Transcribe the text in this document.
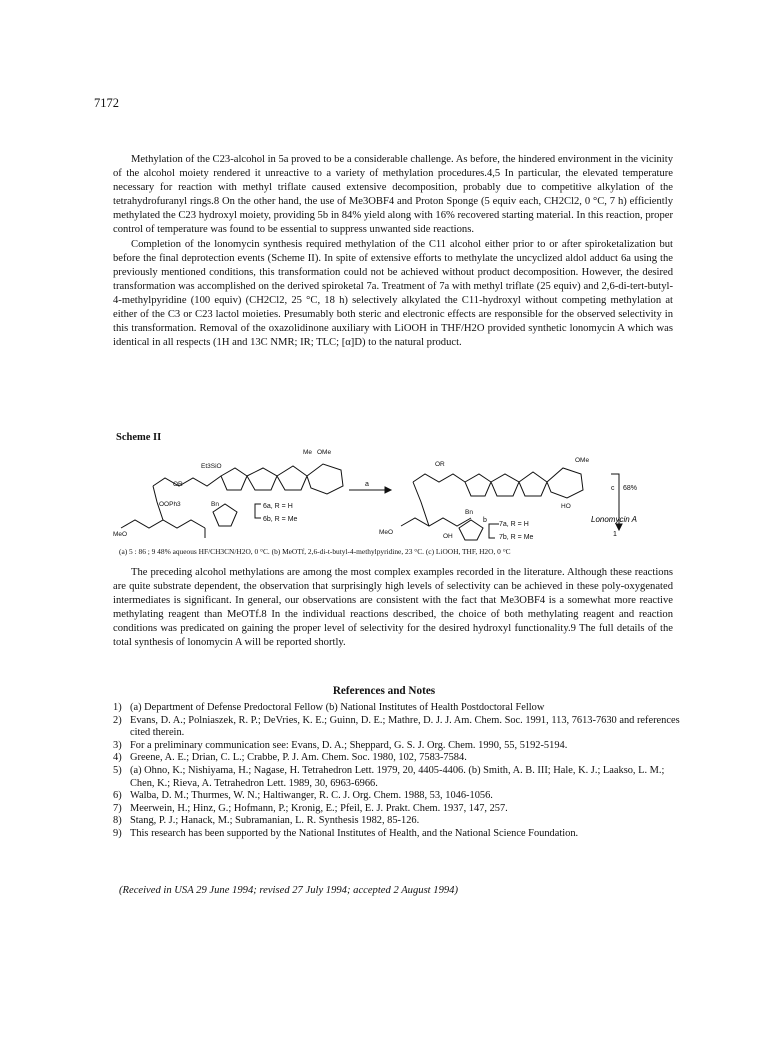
7172

Methylation of the C23-alcohol in 5a proved to be a considerable challenge. As before, the hindered environment in the vicinity of the alcohol moiety rendered it unreactive to a variety of methylation procedures.4,5 In particular, the elevated temperature necessary for reaction with methyl triflate caused extensive decomposition, probably due to competitive alkylation of the tetrahydrofuranyl rings.8 On the other hand, the use of Me3OBF4 and Proton Sponge (5 equiv each, CH2Cl2, 0 °C, 7 h) efficiently methylated the C23 hydroxyl moiety, providing 5b in 84% yield along with 16% recovered starting material. In this reaction, proper control of temperature was found to be essential to suppress unwanted side reactions.

Completion of the lonomycin synthesis required methylation of the C11 alcohol either prior to or after spiroketalization but before the final deprotection events (Scheme II). In spite of extensive efforts to methylate the uncyclized aldol adduct 6a using the previously mentioned conditions, this transformation could not be achieved without product decomposition. However, the desired transformation was accomplished on the derived spiroketal 7a. Treatment of 7a with methyl triflate (25 equiv) and 2,6-di-tert-butyl-4-methylpyridine (100 equiv) (CH2Cl2, 25 °C, 18 h) selectively alkylated the C11-hydroxyl without competing methylation at either of the C3 or C23 lactol moieties. Presumably both steric and electronic effects are responsible for the observed selectivity in this transformation. Removal of the oxazolidinone auxiliary with LiOOH in THF/H2O provided synthetic lonomycin A which was identical in all respects (1H and 13C NMR; IR; TLC; [α]D) to the natural product.

Scheme II
Et3SiO
OR
OOPh3
MeO
Bn
OMe
Me
OR
OMe
HO
OH
MeO
Bn
6a, R = H
6b, R = Me
a
b
7a, R = H
7b, R = Me
c 68%
Lonomycin A
1
(a) 5 : 86 ; 9 48% aqueous HF/CH3CN/H2O, 0 °C. (b) MeOTf, 2,6-di-t-butyl-4-methylpyridine, 23 °C. (c) LiOOH, THF, H2O, 0 °C

The preceding alcohol methylations are among the most complex examples recorded in the literature. Although these reactions are quite substrate dependent, the observation that surprisingly high levels of selectivity can be achieved in these poly-oxygenated intermediates is significant. In general, our observations are consistent with the fact that Me3OBF4 is a somewhat more reactive methylating reagent than MeOTf.8 In the individual reactions described, the choice of both methylating reagent and reaction conditions was predicated on gaining the proper level of selectivity for the desired hydroxyl functionality.9 The full details of the total synthesis of lonomycin A will be reported shortly.

References and Notes
1) (a) Department of Defense Predoctoral Fellow (b) National Institutes of Health Postdoctoral Fellow
2) Evans, D. A.; Polniaszek, R. P.; DeVries, K. E.; Guinn, D. E.; Mathre, D. J. J. Am. Chem. Soc. 1991, 113, 7613-7630 and references cited therein.
3) For a preliminary communication see: Evans, D. A.; Sheppard, G. S. J. Org. Chem. 1990, 55, 5192-5194.
4) Greene, A. E.; Drian, C. L.; Crabbe, P. J. Am. Chem. Soc. 1980, 102, 7583-7584.
5) (a) Ohno, K.; Nishiyama, H.; Nagase, H. Tetrahedron Lett. 1979, 20, 4405-4406. (b) Smith, A. B. III; Hale, K. J.; Laakso, L. M.; Chen, K.; Rieva, A. Tetrahedron Lett. 1989, 30, 6963-6966.
6) Walba, D. M.; Thurmes, W. N.; Haltiwanger, R. C. J. Org. Chem. 1988, 53, 1046-1056.
7) Meerwein, H.; Hinz, G.; Hofmann, P.; Kronig, E.; Pfeil, E. J. Prakt. Chem. 1937, 147, 257.
8) Stang, P. J.; Hanack, M.; Subramanian, L. R. Synthesis 1982, 85-126.
9) This research has been supported by the National Institutes of Health, and the National Science Foundation.
(Received in USA 29 June 1994; revised 27 July 1994; accepted 2 August 1994)
